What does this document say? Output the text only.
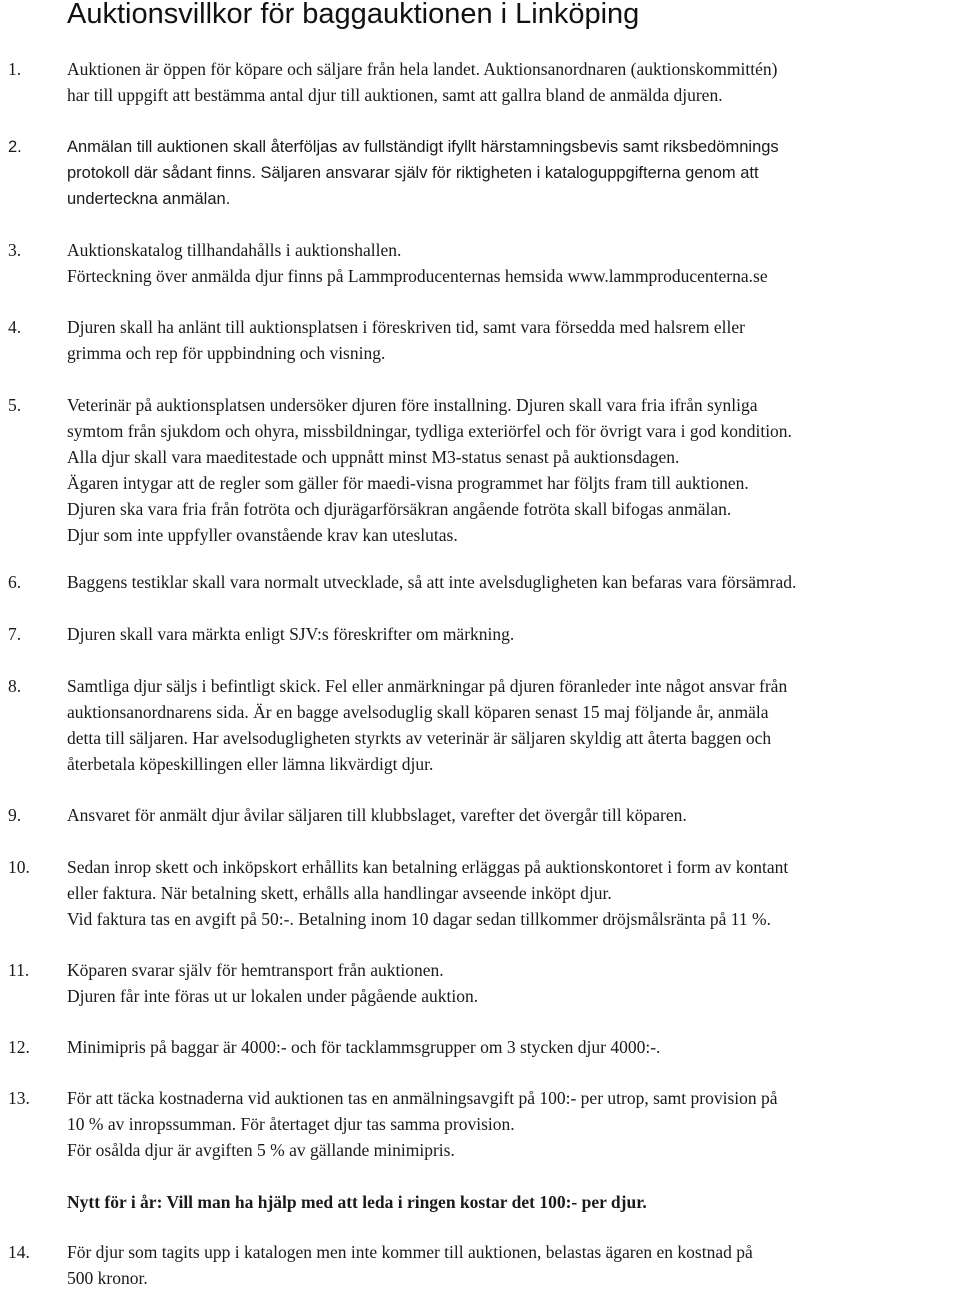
Auktionsvillkor för baggauktionen i Linköping
1.	Auktionen är öppen för köpare och säljare från hela landet. Auktionsanordnaren (auktionskommittén)
har till uppgift att bestämma antal djur till auktionen, samt att gallra bland de anmälda djuren.
2.	Anmälan till auktionen skall återföljas av fullständigt ifyllt härstamningsbevis samt riksbedömnings
protokoll där sådant finns. Säljaren ansvarar själv för riktigheten i kataloguppgifterna genom att
underteckna anmälan.
3.	Auktionskatalog tillhandahålls i auktionshallen.
Förteckning över anmälda djur finns på Lammproducenternas hemsida www.lammproducenterna.se
4.	Djuren skall ha anlänt till auktionsplatsen i föreskriven tid, samt vara försedda med halsrem eller
grimma och rep för uppbindning och visning.
5.	Veterinär på auktionsplatsen undersöker djuren före installning. Djuren skall vara fria ifrån synliga
symtom från sjukdom och ohyra, missbildningar, tydliga exteriörfel och för övrigt vara i god kondition.
Alla djur skall vara maeditestade och uppnått minst M3-status senast på auktionsdagen.
Ägaren intygar att de regler som gäller för maedi-visna programmet har följts fram till auktionen.
Djuren ska vara fria från fotröta och djurägarförsäkran angående fotröta skall bifogas anmälan.
Djur som inte uppfyller ovanstående krav kan uteslutas.
6.	Baggens testiklar skall vara normalt utvecklade, så att inte avelsdugligheten kan befaras vara försämrad.
7.	Djuren skall vara märkta enligt SJV:s föreskrifter om märkning.
8.	Samtliga djur säljs i befintligt skick. Fel eller anmärkningar på djuren föranleder inte något ansvar från
auktionsanordnarens sida. Är en bagge avelsoduglig skall köparen senast 15 maj följande år, anmäla
detta till säljaren. Har avelsodugligheten styrkts av veterinär är säljaren skyldig att återta baggen och
återbetala köpeskillingen eller lämna likvärdigt djur.
9.	Ansvaret för anmält djur åvilar säljaren till klubbslaget, varefter det övergår till köparen.
10. Sedan inrop skett och inköpskort erhållits kan betalning erläggas på auktionskontoret i form av kontant
eller faktura. När betalning skett, erhålls alla handlingar avseende inköpt djur.
Vid faktura tas en avgift på 50:-. Betalning inom 10 dagar sedan tillkommer dröjsmålsränta på 11 %.
11. Köparen svarar själv för hemtransport från auktionen.
Djuren får inte föras ut ur lokalen under pågående auktion.
12. Minimipris på baggar är 4000:- och för tacklammsgrupper om 3 stycken djur 4000:-.
13. För att täcka kostnaderna vid auktionen tas en anmälningsavgift på 100:- per utrop, samt provision på
10 % av inropssumman. För återtaget djur tas samma provision.
För osålda djur är avgiften 5 % av gällande minimipris.
14. För djur som tagits upp i katalogen men inte kommer till auktionen, belastas ägaren en kostnad på
500 kronor.
Nytt för i år: Vill man ha hjälp med att leda i ringen kostar det 100:- per djur.
